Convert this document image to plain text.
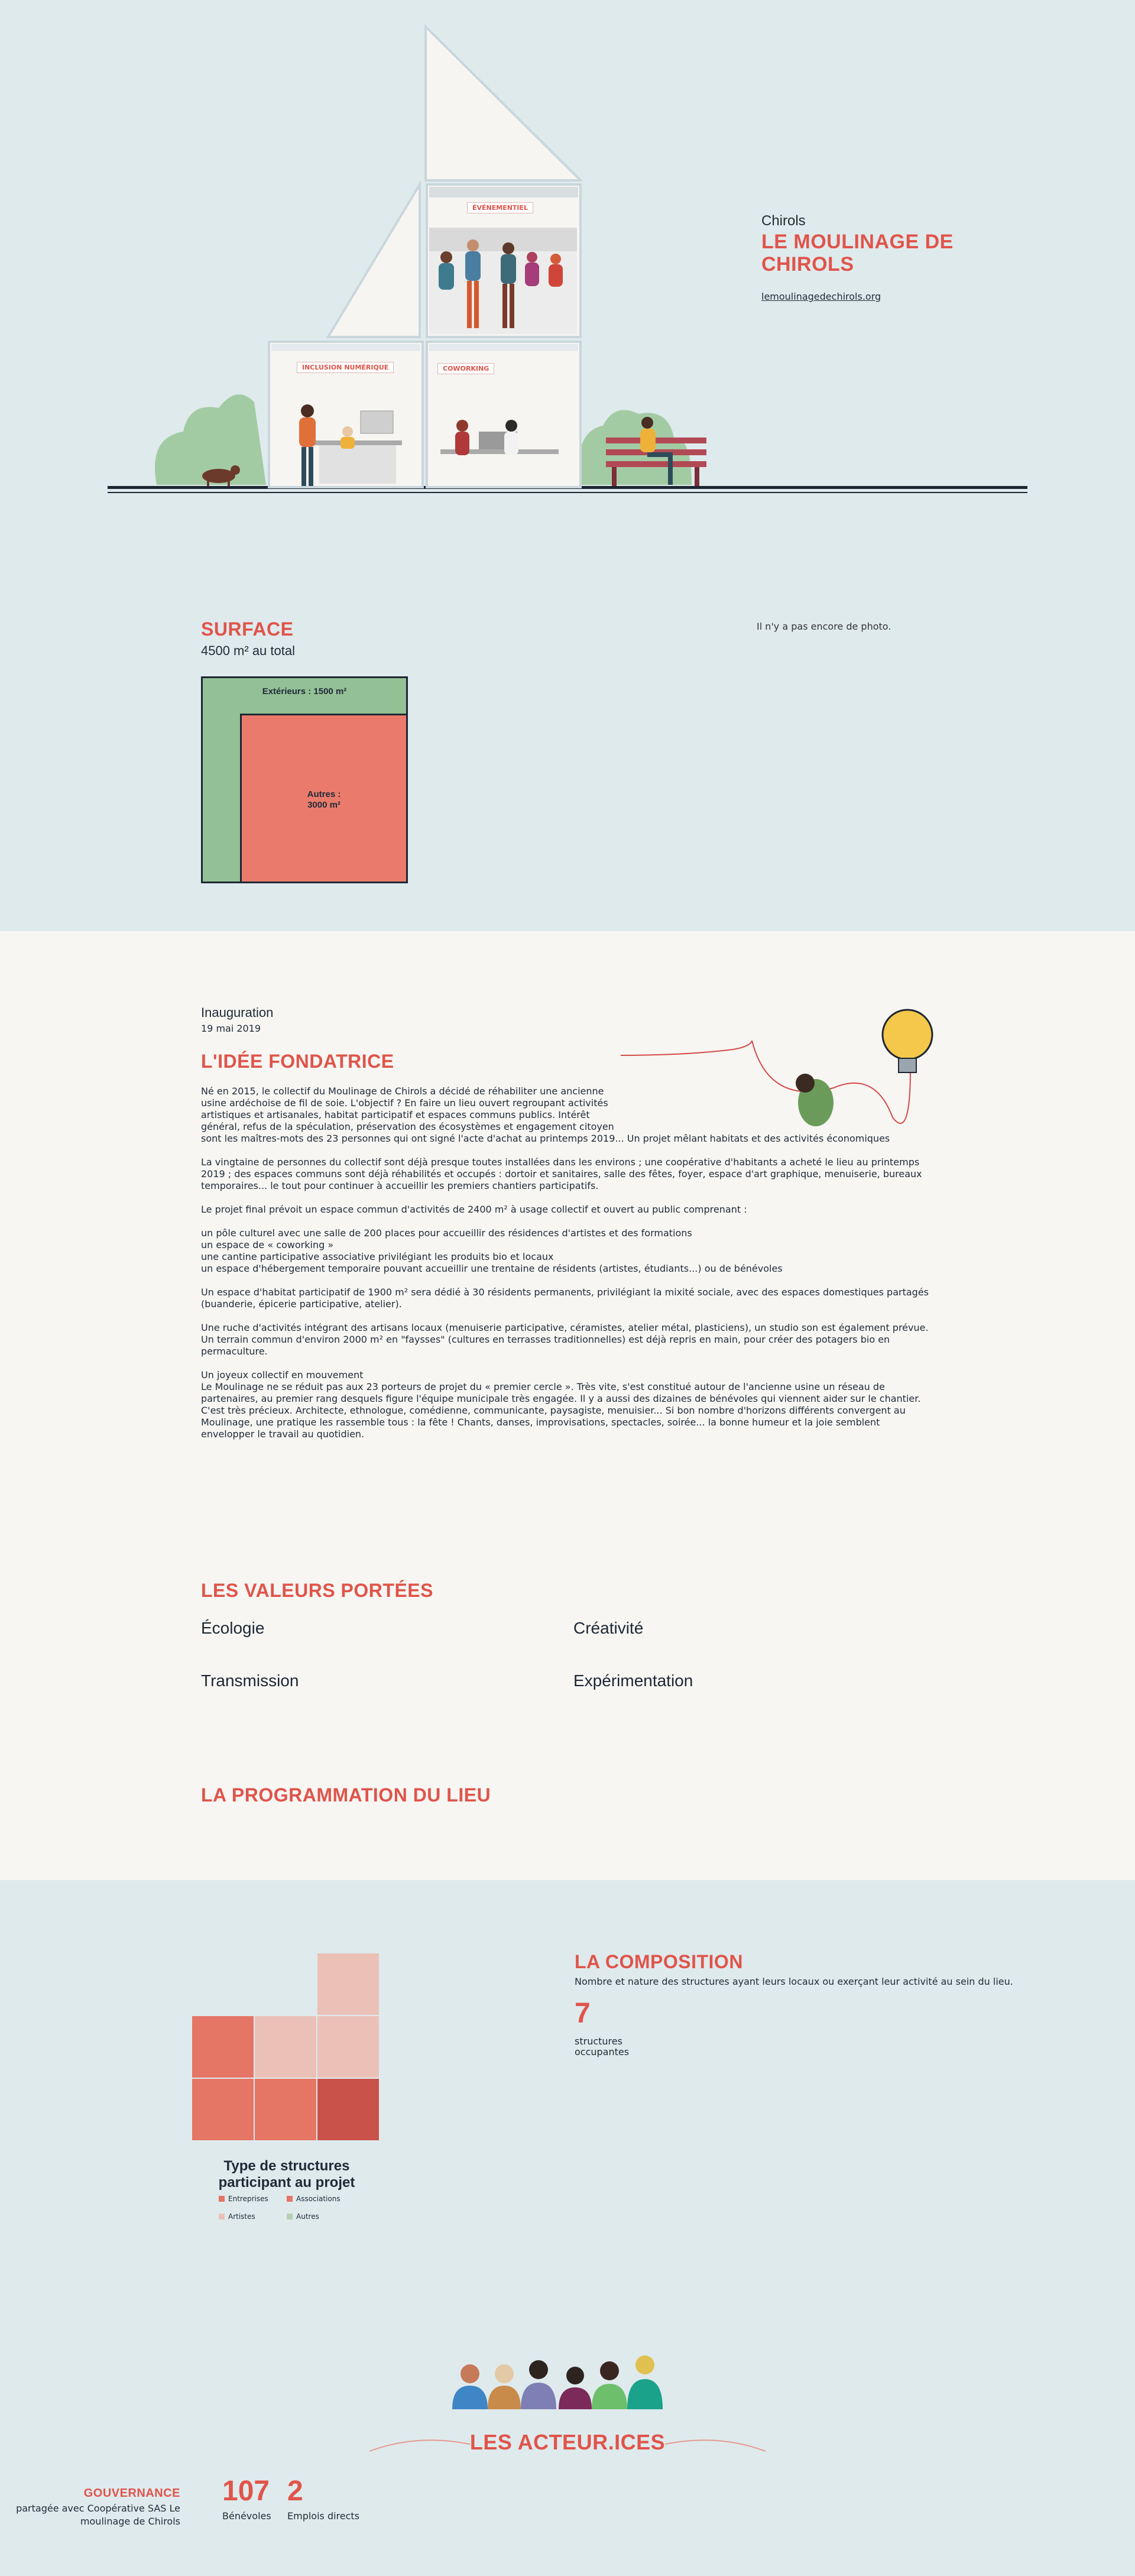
ÉVÉNEMENTIEL
INCLUSION NUMÉRIQUE	COWORKING
Chirols
LE MOULINAGE DE CHIROLS
lemoulinagedechirols.org
SURFACE
4500 m² au total
Extérieurs : 1500 m²
Autres :
3000 m²
Il n'y a pas encore de photo.
Inauguration
19 mai 2019
L'IDÉE FONDATRICE

Né en 2015, le collectif du Moulinage de Chirols a décidé de réhabiliter une ancienne
usine ardéchoise de fil de soie. L'objectif ? En faire un lieu ouvert regroupant activités
artistiques et artisanales, habitat participatif et espaces communs publics. Intérêt
général, refus de la spéculation, préservation des écosystèmes et engagement citoyen
sont les maîtres-mots des 23 personnes qui ont signé l'acte d'achat au printemps 2019... Un projet mêlant habitats et des activités économiques

La vingtaine de personnes du collectif sont déjà presque toutes installées dans les environs ; une coopérative d'habitants a acheté le lieu au printemps 2019 ; des espaces communs sont déjà réhabilités et occupés : dortoir et sanitaires, salle des fêtes, foyer, espace d'art graphique, menuiserie, bureaux temporaires... le tout pour continuer à accueillir les premiers chantiers participatifs.

Le projet final prévoit un espace commun d'activités de 2400 m² à usage collectif et ouvert au public comprenant :

un pôle culturel avec une salle de 200 places pour accueillir des résidences d'artistes et des formations
un espace de « coworking »
une cantine participative associative privilégiant les produits bio et locaux
un espace d'hébergement temporaire pouvant accueillir une trentaine de résidents (artistes, étudiants...) ou de bénévoles

Un espace d'habitat participatif de 1900 m² sera dédié à 30 résidents permanents, privilégiant la mixité sociale, avec des espaces domestiques partagés (buanderie, épicerie participative, atelier).

Une ruche d'activités intégrant des artisans locaux (menuiserie participative, céramistes, atelier métal, plasticiens), un studio son est également prévue. Un terrain commun d'environ 2000 m² en "faysses" (cultures en terrasses traditionnelles) est déjà repris en main, pour créer des potagers bio en permaculture.

Un joyeux collectif en mouvement
Le Moulinage ne se réduit pas aux 23 porteurs de projet du « premier cercle ». Très vite, s'est constitué autour de l'ancienne usine un réseau de partenaires, au premier rang desquels figure l'équipe municipale très engagée. Il y a aussi des dizaines de bénévoles qui viennent aider sur le chantier. C'est très précieux. Architecte, ethnologue, comédienne, communicante, paysagiste, menuisier... Si bon nombre d'horizons différents convergent au Moulinage, une pratique les rassemble tous : la fête ! Chants, danses, improvisations, spectacles, soirée... la bonne humeur et la joie semblent envelopper le travail au quotidien.

LES VALEURS PORTÉES
Écologie	Créativité
Transmission	Expérimentation
LA PROGRAMMATION DU LIEU
Type de structures participant au projet
Entreprises	Associations
Artistes	Autres
LA COMPOSITION
Nombre et nature des structures ayant leurs locaux ou exerçant leur activité au sein du lieu.
7
structures occupantes
LES ACTEUR.ICES
GOUVERNANCE
partagée avec Coopérative SAS Le moulinage de Chirols
107
Bénévoles
2
Emplois directs
